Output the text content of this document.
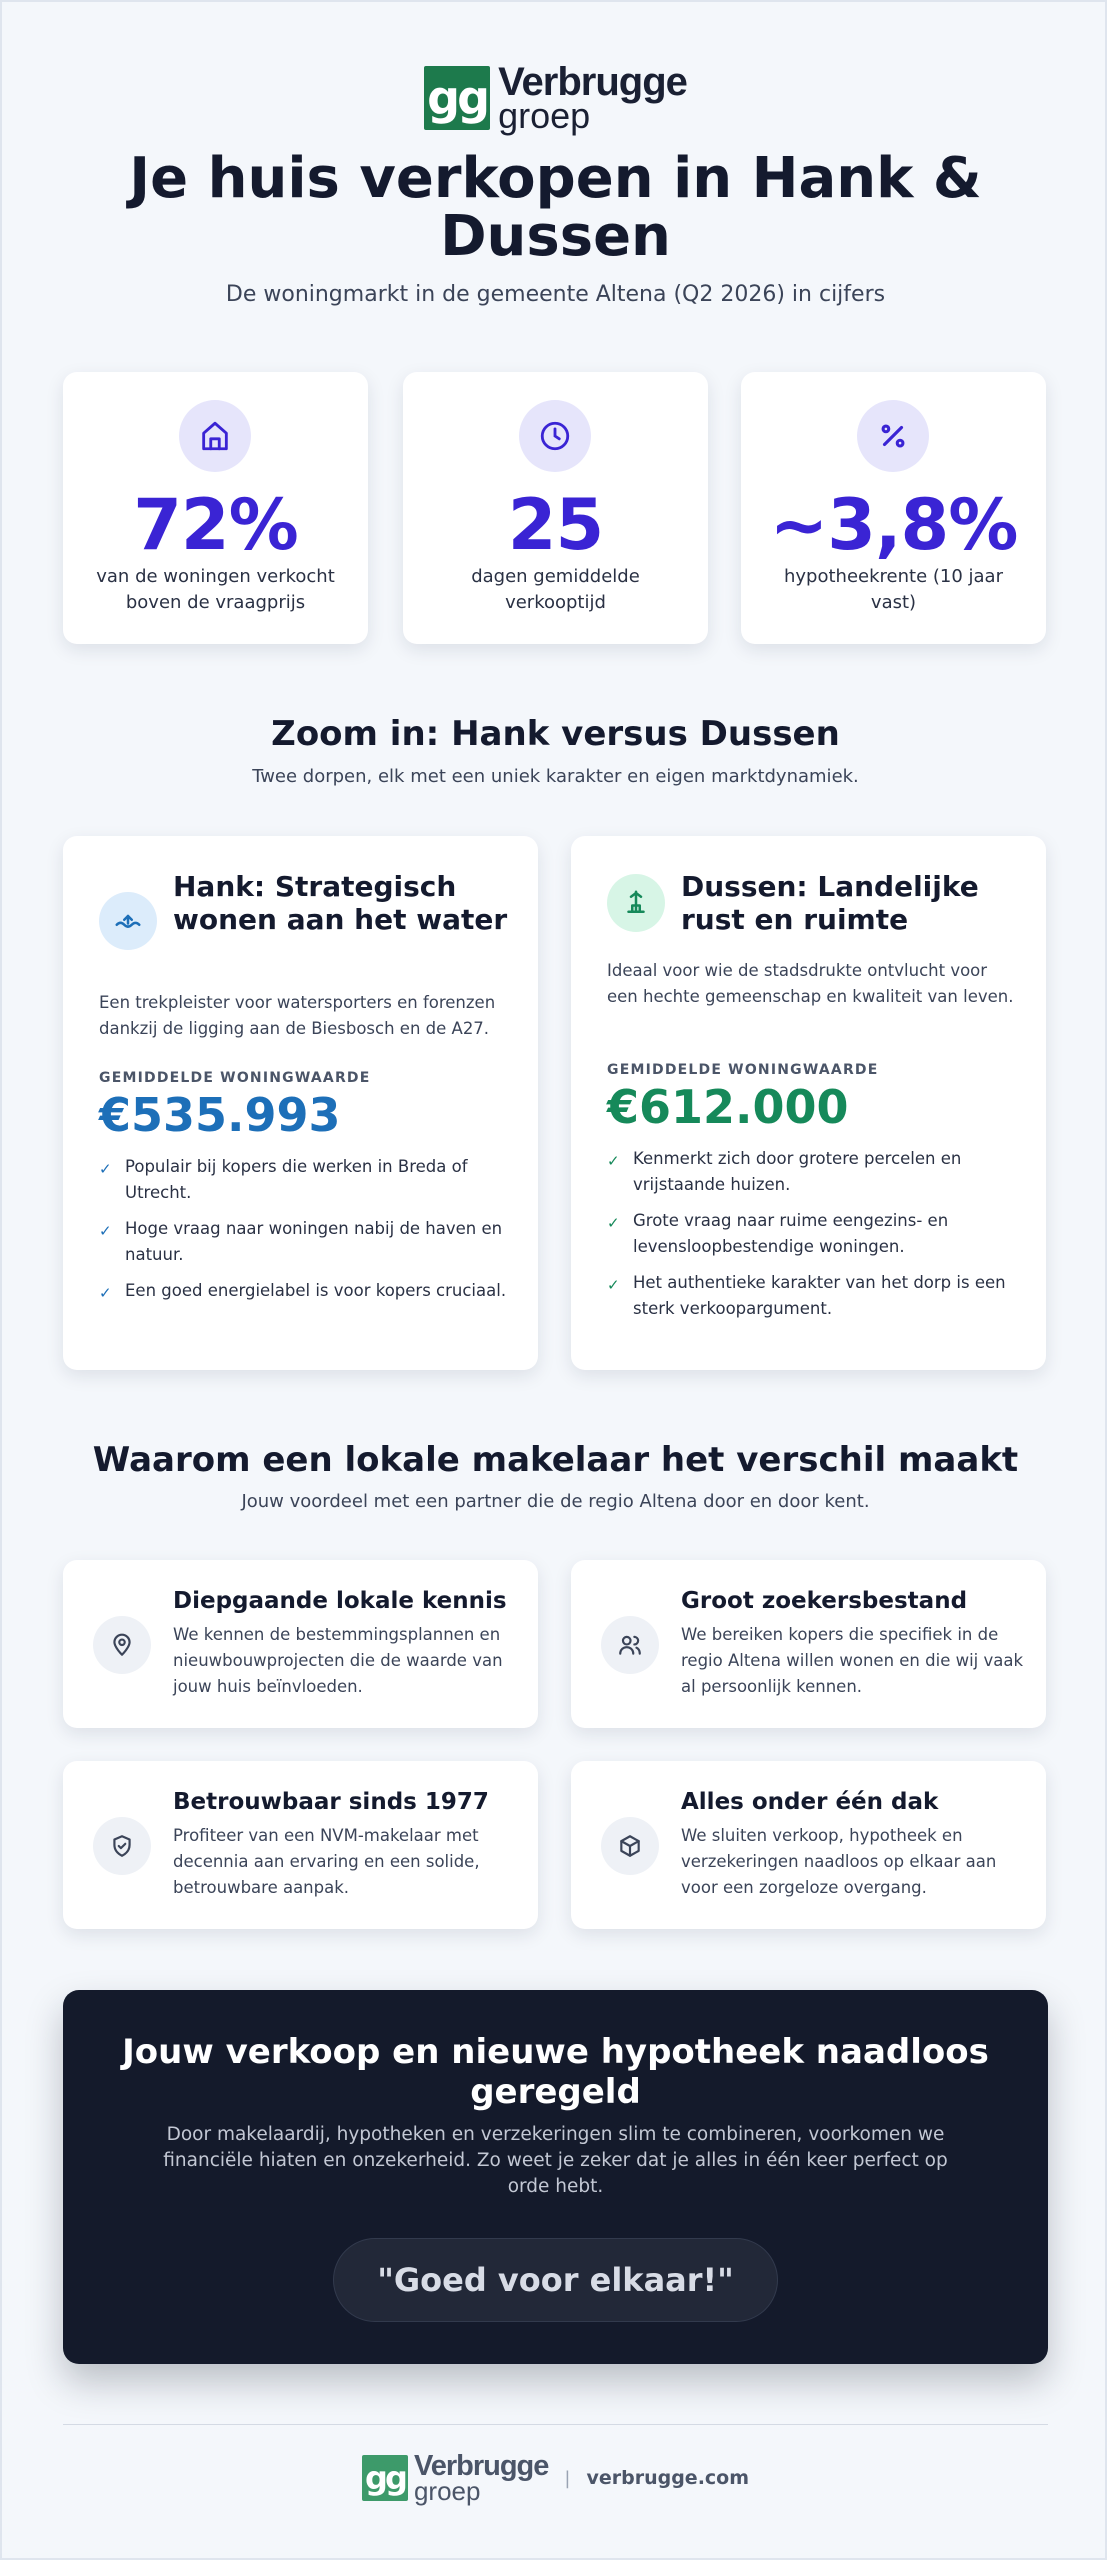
gg Verbrugge
groep
Je huis verkopen in Hank & Dussen

De woningmarkt in de gemeente Altena (Q2 2026) in cijfers

72%
van de woningen verkocht boven de vraagprijs
25
dagen gemiddelde verkooptijd
~3,8%
hypotheekrente (10 jaar vast)
Zoom in: Hank versus Dussen

Twee dorpen, elk met een uniek karakter en eigen marktdynamiek.

Hank: Strategisch wonen aan het water
Een trekpleister voor watersporters en forenzen dankzij de ligging aan de Biesbosch en de A27.
GEMIDDELDE WONINGWAARDE
€535.993
✓ Populair bij kopers die werken in Breda of Utrecht.
✓ Hoge vraag naar woningen nabij de haven en natuur.
✓ Een goed energielabel is voor kopers cruciaal.
Dussen: Landelijke rust en ruimte
Ideaal voor wie de stadsdrukte ontvlucht voor een hechte gemeenschap en kwaliteit van leven.
GEMIDDELDE WONINGWAARDE
€612.000
✓ Kenmerkt zich door grotere percelen en vrijstaande huizen.
✓ Grote vraag naar ruime eengezins- en levensloopbestendige woningen.
✓ Het authentieke karakter van het dorp is een sterk verkoopargument.
Waarom een lokale makelaar het verschil maakt

Jouw voordeel met een partner die de regio Altena door en door kent.

Diepgaande lokale kennis
We kennen de bestemmingsplannen en nieuwbouwprojecten die de waarde van jouw huis beïnvloeden.
Groot zoekersbestand
We bereiken kopers die specifiek in de regio Altena willen wonen en die wij vaak al persoonlijk kennen.
Betrouwbaar sinds 1977
Profiteer van een NVM-makelaar met decennia aan ervaring en een solide, betrouwbare aanpak.
Alles onder één dak
We sluiten verkoop, hypotheek en verzekeringen naadloos op elkaar aan voor een zorgeloze overgang.
Jouw verkoop en nieuwe hypotheek naadloos geregeld

Door makelaardij, hypotheken en verzekeringen slim te combineren, voorkomen we financiële hiaten en onzekerheid. Zo weet je zeker dat je alles in één keer perfect op orde hebt.

"Goed voor elkaar!"
gg Verbrugge
groep	| verbrugge.com
